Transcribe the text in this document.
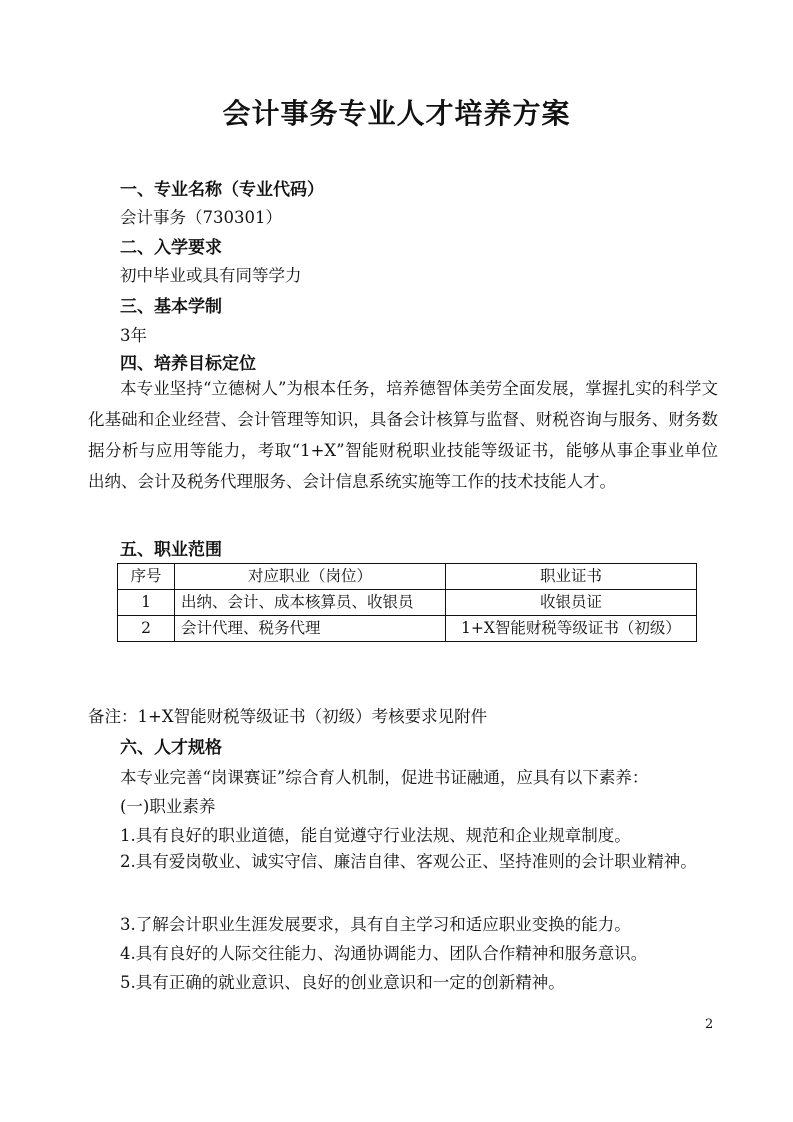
会计事务专业人才培养方案
一、专业名称（专业代码）
会计事务（730301）
二、入学要求
初中毕业或具有同等学力
三、基本学制
3年
四、培养目标定位
本专业坚持“立德树人”为根本任务，培养德智体美劳全面发展，掌握扎实的科学文化基础和企业经营、会计管理等知识，具备会计核算与监督、财税咨询与服务、财务数据分析与应用等能力，考取“1+X”智能财税职业技能等级证书，能够从事企事业单位出纳、会计及税务代理服务、会计信息系统实施等工作的技术技能人才。
五、职业范围
序号	对应职业（岗位）	职业证书
1	出纳、会计、成本核算员、收银员	收银员证
2	会计代理、税务代理	1+X智能财税等级证书（初级）
备注：1+X智能财税等级证书（初级）考核要求见附件
六、人才规格
本专业完善“岗课赛证”综合育人机制，促进书证融通，应具有以下素养：
(一)职业素养
1.具有良好的职业道德，能自觉遵守行业法规、规范和企业规章制度。
2.具有爱岗敬业、诚实守信、廉洁自律、客观公正、坚持准则的会计职业精神。
3.了解会计职业生涯发展要求，具有自主学习和适应职业变换的能力。
4.具有良好的人际交往能力、沟通协调能力、团队合作精神和服务意识。
5.具有正确的就业意识、良好的创业意识和一定的创新精神。
2
